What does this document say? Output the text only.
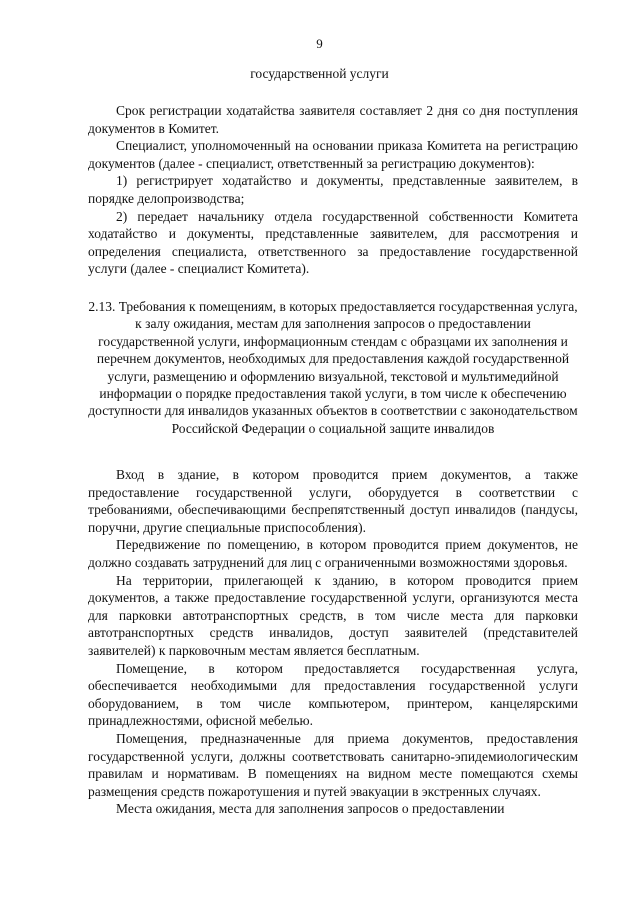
9
государственной услуги

Срок регистрации ходатайства заявителя составляет 2 дня со дня поступления документов в Комитет.

Специалист, уполномоченный на основании приказа Комитета на регистрацию документов (далее - специалист, ответственный за регистрацию документов):

1) регистрирует ходатайство и документы, представленные заявителем, в порядке делопроизводства;

2) передает начальнику отдела государственной собственности Комитета ходатайство и документы, представленные заявителем, для рассмотрения и определения специалиста, ответственного за предоставление государственной услуги (далее - специалист Комитета).

2.13. Требования к помещениям, в которых предоставляется государственная услуга, к залу ожидания, местам для заполнения запросов о предоставлении государственной услуги, информационным стендам с образцами их заполнения и перечнем документов, необходимых для предоставления каждой государственной услуги, размещению и оформлению визуальной, текстовой и мультимедийной информации о порядке предоставления такой услуги, в том числе к обеспечению доступности для инвалидов указанных объектов в соответствии с законодательством Российской Федерации о социальной защите инвалидов

Вход в здание, в котором проводится прием документов, а также предоставление государственной услуги, оборудуется в соответствии с требованиями, обеспечивающими беспрепятственный доступ инвалидов (пандусы, поручни, другие специальные приспособления).

Передвижение по помещению, в котором проводится прием документов, не должно создавать затруднений для лиц с ограниченными возможностями здоровья.

На территории, прилегающей к зданию, в котором проводится прием документов, а также предоставление государственной услуги, организуются места для парковки автотранспортных средств, в том числе места для парковки автотранспортных средств инвалидов, доступ заявителей (представителей заявителей) к парковочным местам является бесплатным.

Помещение, в котором предоставляется государственная услуга, обеспечивается необходимыми для предоставления государственной услуги оборудованием, в том числе компьютером, принтером, канцелярскими принадлежностями, офисной мебелью.

Помещения, предназначенные для приема документов, предоставления государственной услуги, должны соответствовать санитарно-эпидемиологическим правилам и нормативам. В помещениях на видном месте помещаются схемы размещения средств пожаротушения и путей эвакуации в экстренных случаях.

Места ожидания, места для заполнения запросов о предоставлении
